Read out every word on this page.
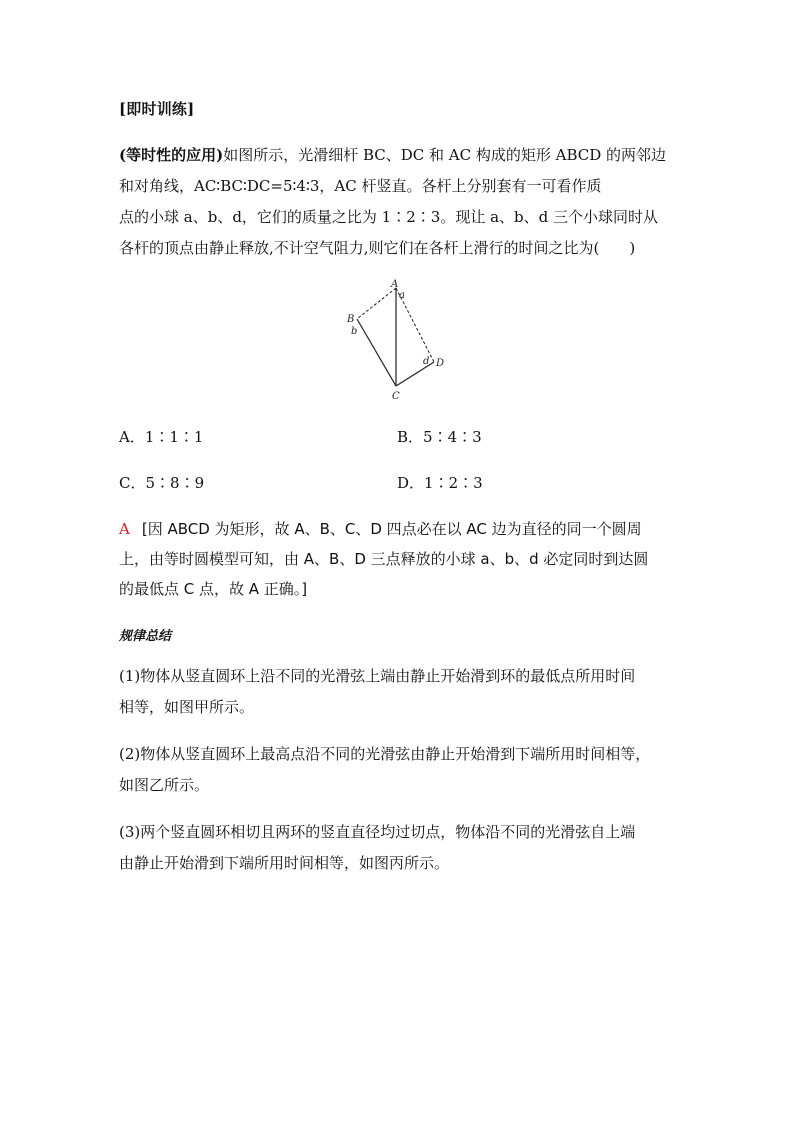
[即时训练]
(等时性的应用)如图所示，光滑细杆 BC、DC 和 AC 构成的矩形 ABCD 的两邻边
和对角线，AC∶BC∶DC=5∶4∶3，AC 杆竖直。各杆上分别套有一可看作质
点的小球 a、b、d，它们的质量之比为 1∶2∶3。现让 a、b、d 三个小球同时从
各杆的顶点由静止释放,不计空气阻力,则它们在各杆上滑行的时间之比为(　　)
A
a
B
b
d D
C
A．1∶1∶1	B．5∶4∶3
C．5∶8∶9	D．1∶2∶3
A [因 ABCD 为矩形，故 A、B、C、D 四点必在以 AC 边为直径的同一个圆周
上，由等时圆模型可知，由 A、B、D 三点释放的小球 a、b、d 必定同时到达圆
的最低点 C 点，故 A 正确。]
规律总结
(1)物体从竖直圆环上沿不同的光滑弦上端由静止开始滑到环的最低点所用时间
相等，如图甲所示。
(2)物体从竖直圆环上最高点沿不同的光滑弦由静止开始滑到下端所用时间相等，
如图乙所示。
(3)两个竖直圆环相切且两环的竖直直径均过切点，物体沿不同的光滑弦自上端
由静止开始滑到下端所用时间相等，如图丙所示。
